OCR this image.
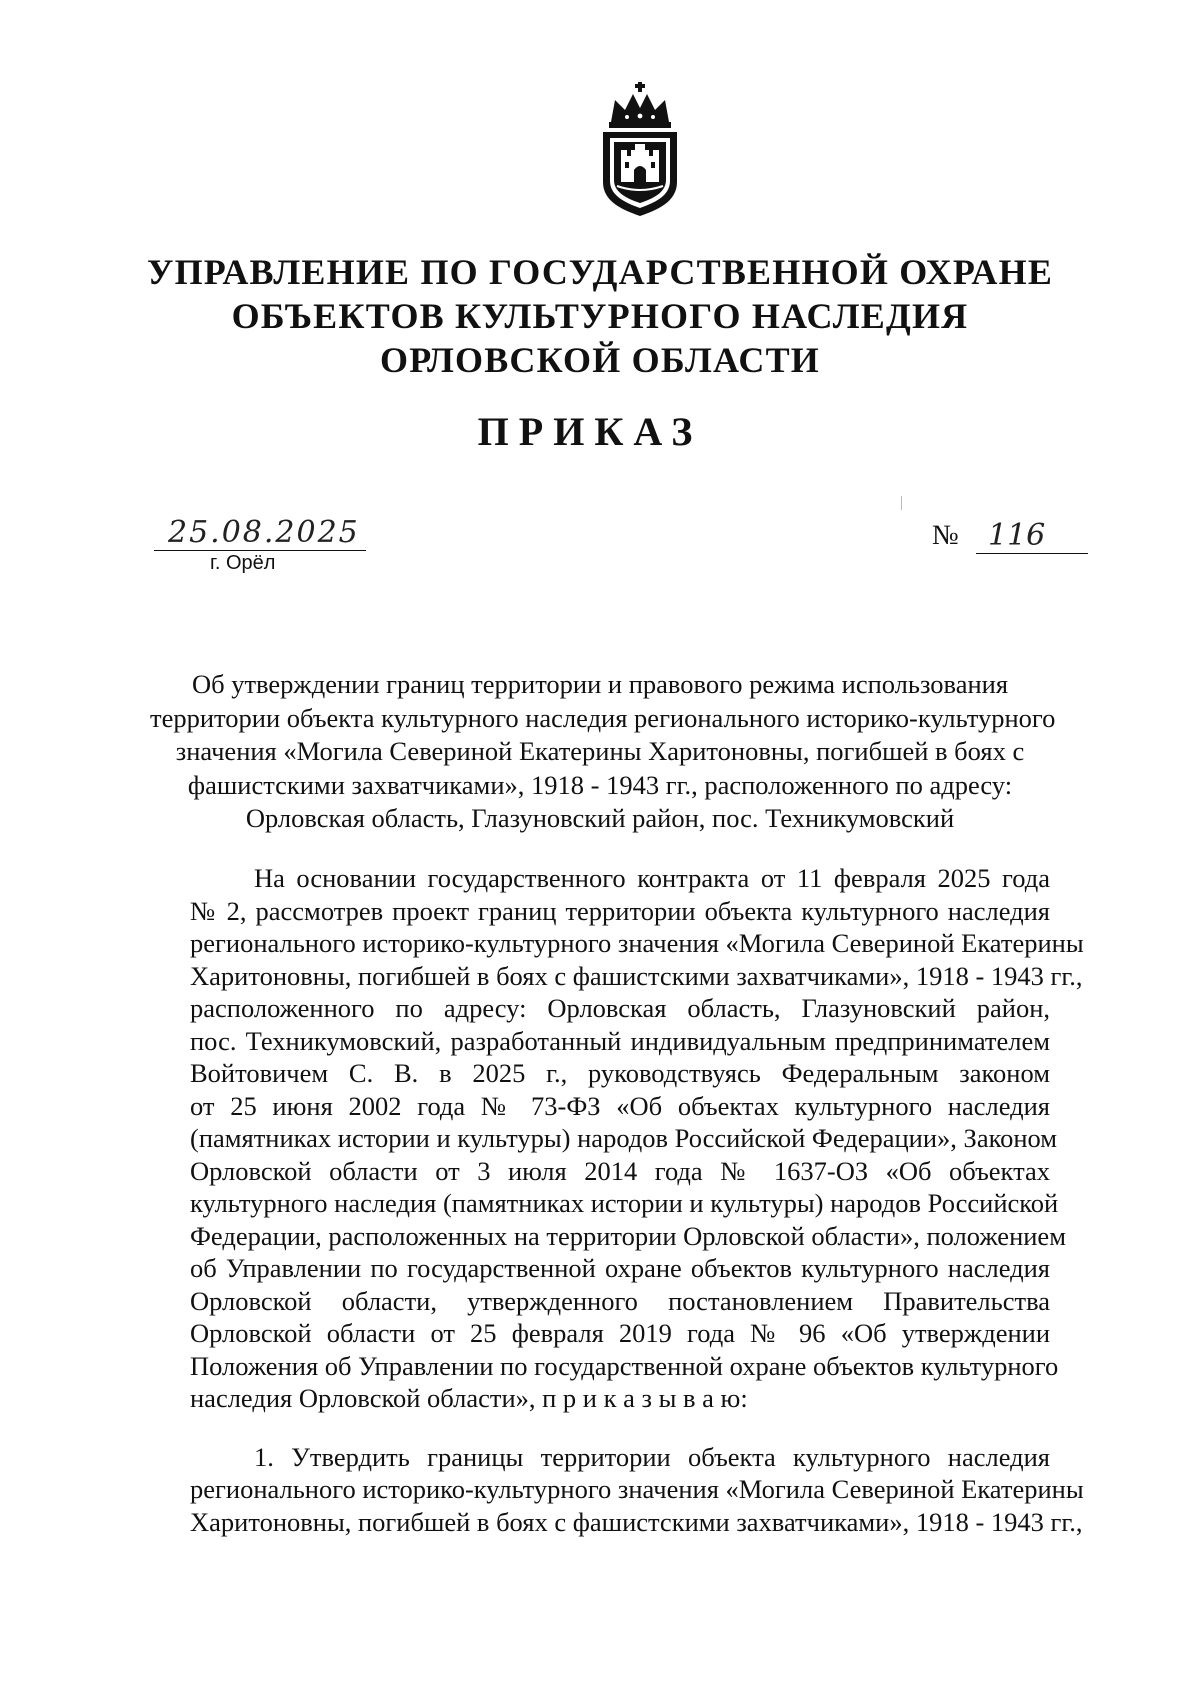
УПРАВЛЕНИЕ ПО ГОСУДАРСТВЕННОЙ ОХРАНЕ
ОБЪЕКТОВ КУЛЬТУРНОГО НАСЛЕДИЯ
ОРЛОВСКОЙ ОБЛАСТИ
ПРИКАЗ
25.08.2025
г. Орёл
№ 116
Об утверждении границ территории и правового режима использования
территории объекта культурного наследия регионального историко-культурного
значения «Могила Севериной Екатерины Харитоновны, погибшей в боях с
фашистскими захватчиками», 1918 - 1943 гг., расположенного по адресу:
Орловская область, Глазуновский район, пос. Техникумовский

На основании государственного контракта от 11 февраля 2025 года
№ 2, рассмотрев проект границ территории объекта культурного наследия
регионального историко-культурного значения «Могила Севериной Екатерины
Харитоновны, погибшей в боях с фашистскими захватчиками», 1918 - 1943 гг.,
расположенного по адресу: Орловская область, Глазуновский район,
пос. Техникумовский, разработанный индивидуальным предпринимателем
Войтовичем С. В. в 2025 г., руководствуясь Федеральным законом
от 25 июня 2002 года № 73-ФЗ «Об объектах культурного наследия
(памятниках истории и культуры) народов Российской Федерации», Законом
Орловской области от 3 июля 2014 года № 1637-ОЗ «Об объектах
культурного наследия (памятниках истории и культуры) народов Российской
Федерации, расположенных на территории Орловской области», положением
об Управлении по государственной охране объектов культурного наследия
Орловской области, утвержденного постановлением Правительства
Орловской области от 25 февраля 2019 года № 96 «Об утверждении
Положения об Управлении по государственной охране объектов культурного
наследия Орловской области», п р и к а з ы в а ю:

1. Утвердить границы территории объекта культурного наследия
регионального историко-культурного значения «Могила Севериной Екатерины
Харитоновны, погибшей в боях с фашистскими захватчиками», 1918 - 1943 гг.,
